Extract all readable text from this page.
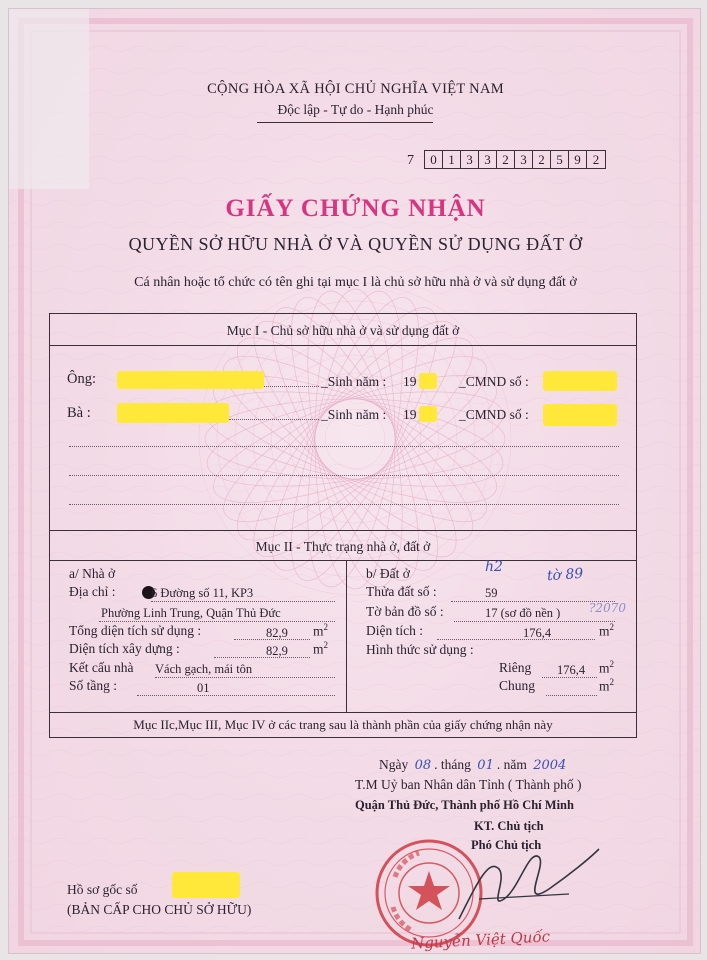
CỘNG HÒA XÃ HỘI CHỦ NGHĨA VIỆT NAM
Độc lập - Tự do - Hạnh phúc
7	0 1 3 3 2 3 2 5 9 2
GIẤY CHỨNG NHẬN
QUYỀN SỞ HỮU NHÀ Ở VÀ QUYỀN SỬ DỤNG ĐẤT Ở
Cá nhân hoặc tổ chức có tên ghi tại mục I là chủ sở hữu nhà ở và sử dụng đất ở
Mục I - Chủ sở hữu nhà ở và sử dụng đất ở
Ông:	_Sinh năm : 19	_CMND số :
Bà :	_Sinh năm : 19	_CMND số :
Mục II - Thực trạng nhà ở, đất ở
a/ Nhà ở
Địa chỉ :	6 Đường số 11, KP3
Phường Linh Trung, Quận Thủ Đức
Tổng diện tích sử dụng :	82,9 $m^2$
Diện tích xây dựng :	82,9 $m^2$
Kết cấu nhà Vách gạch, mái tôn
Số tầng :	01
b/ Đất ở	h2	tờ 89
Thửa đất số :	59
Tờ bản đồ số :	17 (sơ đồ nền ) ?2070
Diện tích :	176,4	$m^2$
Hình thức sử dụng :
Riêng 176,4 $m^2$
Chung	$m^2$
Mục IIc,Mục III, Mục IV ở các trang sau là thành phần của giấy chứng nhận này
Ngày 08 . tháng 01 . năm 2004
T.M Uỷ ban Nhân dân Tỉnh ( Thành phố )
Quận Thủ Đức, Thành phố Hồ Chí Minh
KT. Chủ tịch
Phó Chủ tịch
Nguyễn Việt Quốc
Hồ sơ gốc số
(BẢN CẤP CHO CHỦ SỞ HỮU)
